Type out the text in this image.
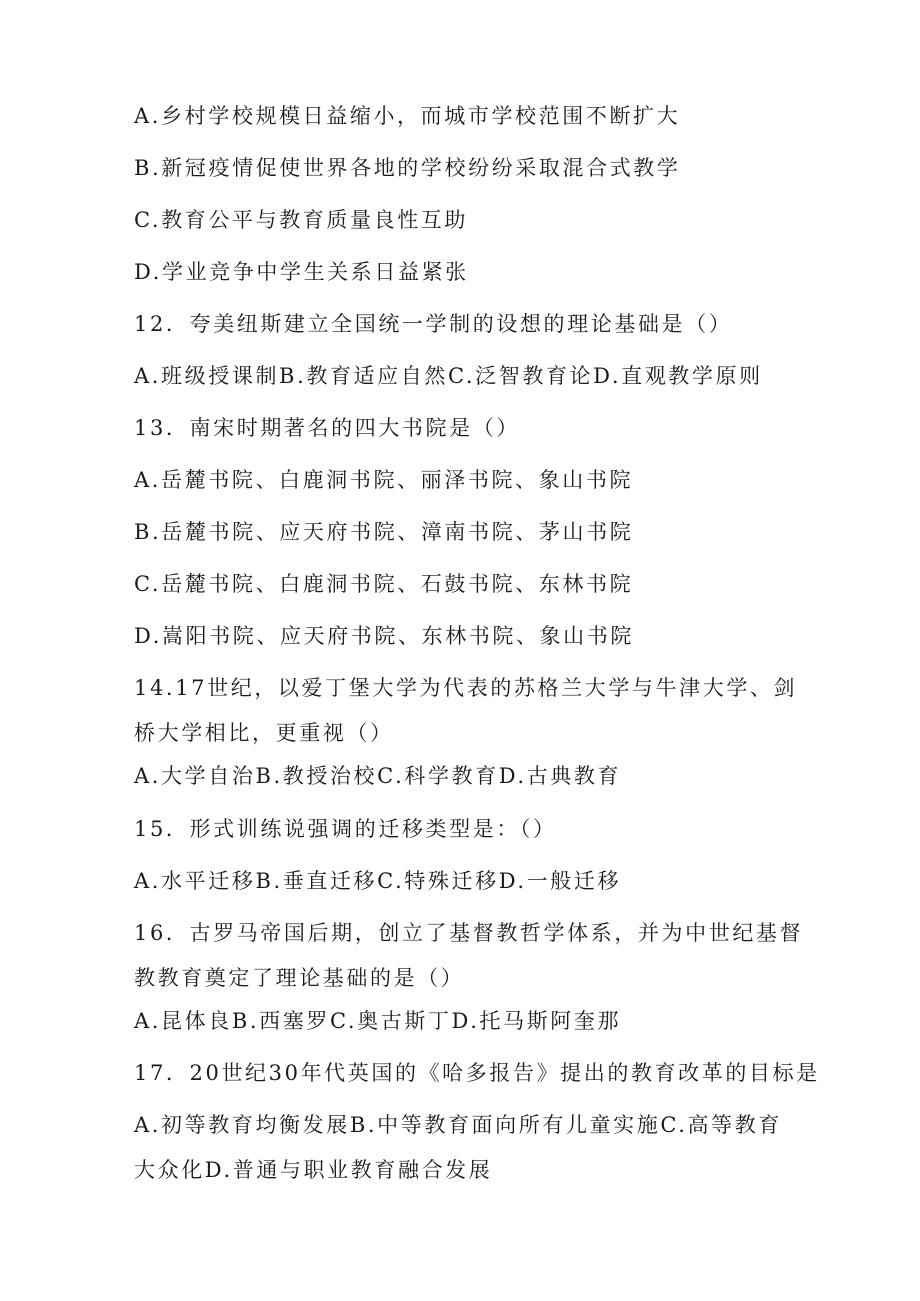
A.乡村学校规模日益缩小，而城市学校范围不断扩大
B.新冠疫情促使世界各地的学校纷纷采取混合式教学
C.教育公平与教育质量良性互助
D.学业竞争中学生关系日益紧张
12．夸美纽斯建立全国统一学制的设想的理论基础是（）
A.班级授课制B.教育适应自然C.泛智教育论D.直观教学原则
13．南宋时期著名的四大书院是（）
A.岳麓书院、白鹿洞书院、丽泽书院、象山书院
B.岳麓书院、应天府书院、漳南书院、茅山书院
C.岳麓书院、白鹿洞书院、石鼓书院、东林书院
D.嵩阳书院、应天府书院、东林书院、象山书院
14.17世纪，以爱丁堡大学为代表的苏格兰大学与牛津大学、剑桥大学相比，更重视（）
A.大学自治B.教授治校C.科学教育D.古典教育
15．形式训练说强调的迁移类型是：（）
A.水平迁移B.垂直迁移C.特殊迁移D.一般迁移
16．古罗马帝国后期，创立了基督教哲学体系，并为中世纪基督教教育奠定了理论基础的是（）
A.昆体良B.西塞罗C.奥古斯丁D.托马斯阿奎那
17．20世纪30年代英国的《哈多报告》提出的教育改革的目标是
A.初等教育均衡发展B.中等教育面向所有儿童实施C.高等教育大众化D.普通与职业教育融合发展
